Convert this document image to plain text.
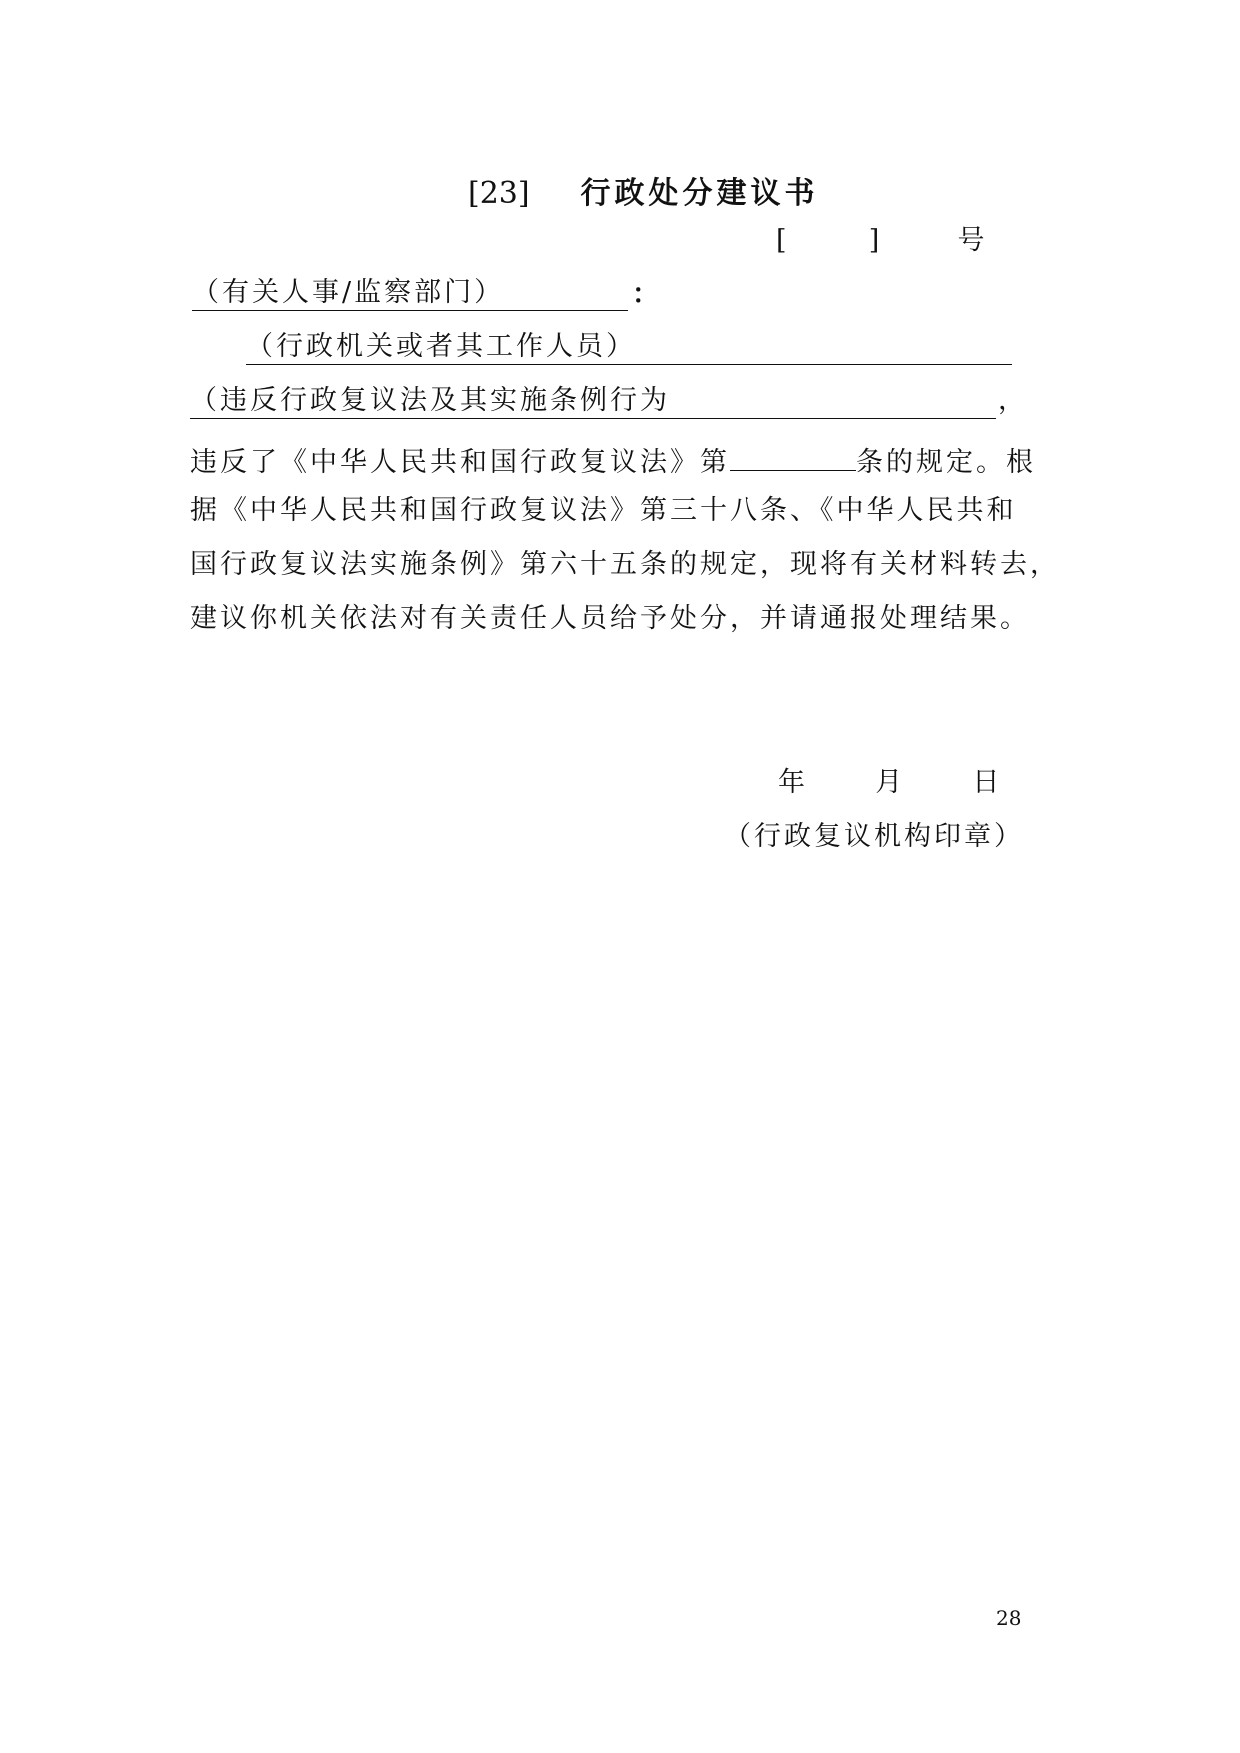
[23] 行政处分建议书
[	]	号
（有关人事/监察部门）	：
（行政机关或者其工作人员）
（违反行政复议法及其实施条例行为	，
违反了《中华人民共和国行政复议法》第	条的规定。根
据《中华人民共和国行政复议法》第三十八条、《中华人民共和
国行政复议法实施条例》第六十五条的规定，现将有关材料转去，
建议你机关依法对有关责任人员给予处分，并请通报处理结果。
年 月 日
（行政复议机构印章）
28
